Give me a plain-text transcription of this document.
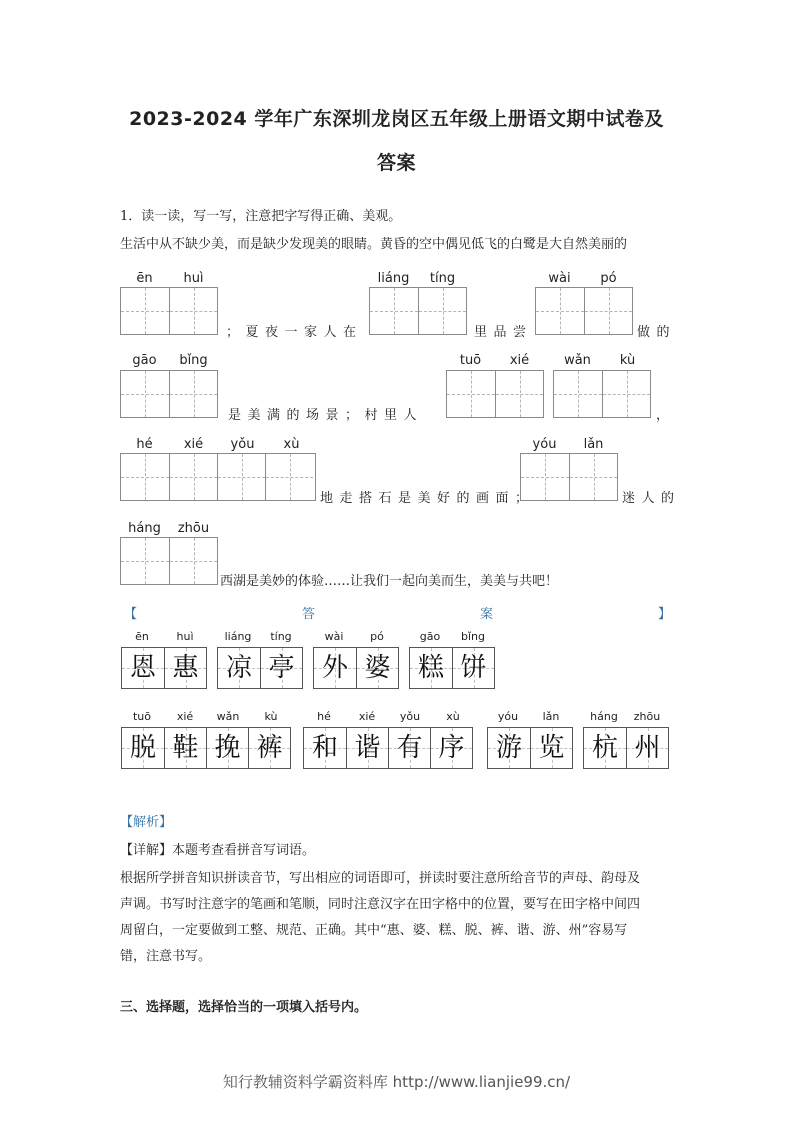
2023-2024 学年广东深圳龙岗区五年级上册语文期中试卷及
答案
1．读一读，写一写，注意把字写得正确、美观。
生活中从不缺少美，而是缺少发现美的眼睛。黄昏的空中偶见低飞的白鹭是大自然美丽的
ēn	huì
；夏夜一家人在
liáng	tíng
里品尝
wài	pó
做的
gāo	bǐng
是美满的场景；村里人
tuō	xié	wǎn	kù
，
hé	xié	yǒu	xù
地走搭石是美好的画面；
yóu	lǎn
迷人的
háng	zhōu
西湖是美妙的体验……让我们一起向美而生，美美与共吧！
【	答	案	】
ēn	huì
恩 惠
liáng	tíng
凉 亭
wài	pó
外 婆
gāo	bǐng
糕 饼
tuō	xié	wǎn	kù
脱 鞋 挽 裤
hé	xié	yǒu	xù
和 谐 有 序
yóu	lǎn
游 览
háng	zhōu
杭 州
【解析】
【详解】本题考查看拼音写词语。
根据所学拼音知识拼读音节，写出相应的词语即可，拼读时要注意所给音节的声母、韵母及
声调。书写时注意字的笔画和笔顺，同时注意汉字在田字格中的位置，要写在田字格中间四
周留白，一定要做到工整、规范、正确。其中“惠、婆、糕、脱、裤、谐、游、州”容易写
错，注意书写。
三、选择题，选择恰当的一项填入括号内。
知行教辅资料学霸资料库 http://www.lianjie99.cn/
